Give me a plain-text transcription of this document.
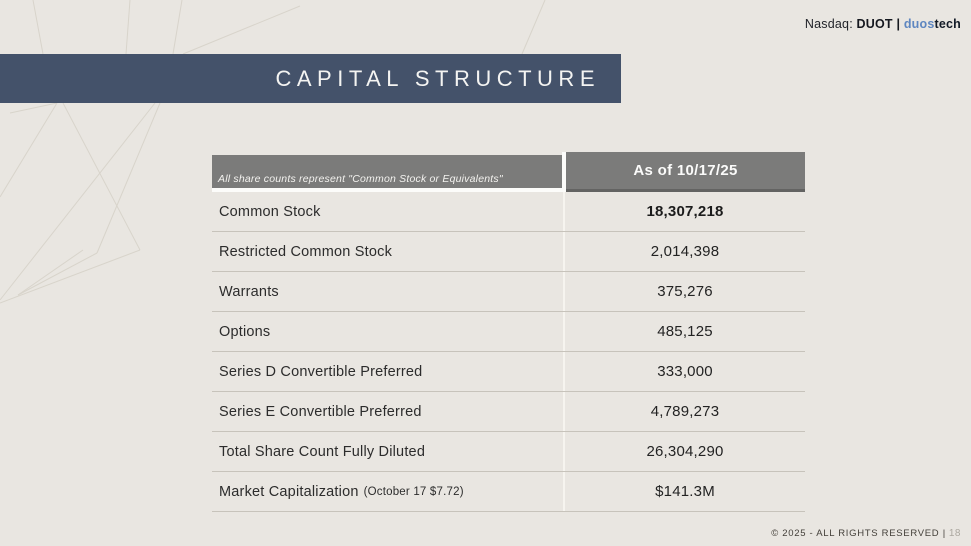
Nasdaq: DUOT | duostech
CAPITAL STRUCTURE
All share counts represent "Common Stock or Equivalents"	As of 10/17/25
Common Stock	18,307,218
Restricted Common Stock	2,014,398
Warrants	375,276
Options	485,125
Series D Convertible Preferred	333,000
Series E Convertible Preferred	4,789,273
Total Share Count Fully Diluted	26,304,290
Market Capitalization (October 17 $7.72)	$141.3M
© 2025 - ALL RIGHTS RESERVED | 18
